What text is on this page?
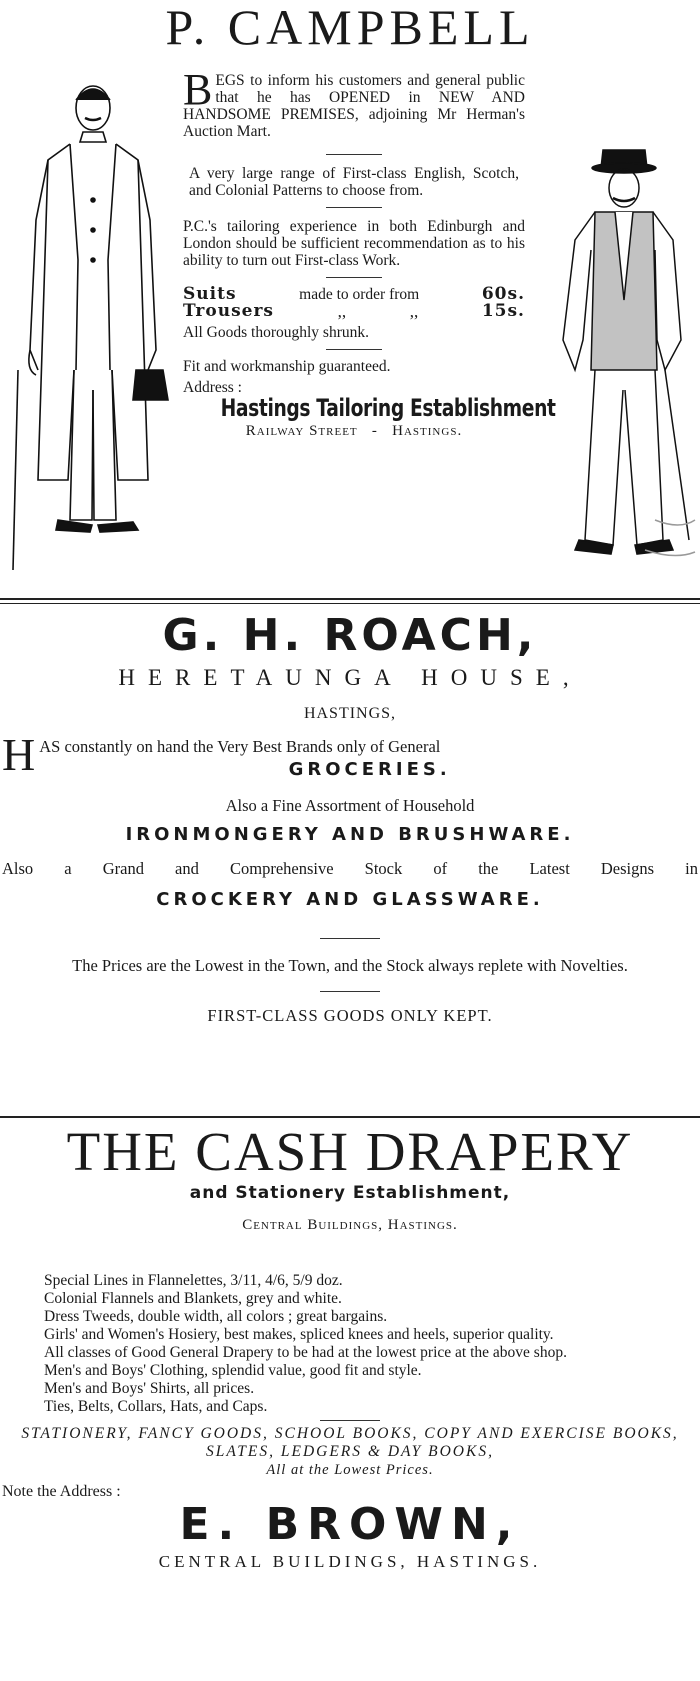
P. CAMPBELL

BEGS to inform his customers and general public that he has OPENED in NEW AND HANDSOME PREMISES, adjoining Mr Herman's Auction Mart.

A very large range of First-class English, Scotch, and Colonial Patterns to choose from.

P.C.'s tailoring experience in both Edinburgh and London should be sufficient recommendation as to his ability to turn out First-class Work.

Suits	made to order from	60s.
Trousers	,,	,,	15s.

All Goods thoroughly shrunk.

Fit and workmanship guaranteed.

Address :

Hastings Tailoring Establishment
Railway Street - Hastings.
G. H. ROACH,
HERETAUNGA HOUSE,
HASTINGS,

HAS constantly on hand the Very Best Brands only of General

GROCERIES.

Also a Fine Assortment of Household

IRONMONGERY AND BRUSHWARE.

Also a Grand and Comprehensive Stock of the Latest Designs in

CROCKERY AND GLASSWARE.

The Prices are the Lowest in the Town, and the Stock always replete with Novelties.

FIRST-CLASS GOODS ONLY KEPT.

THE CASH DRAPERY
and Stationery Establishment,
Central Buildings, Hastings.
Special Lines in Flannelettes, 3/11, 4/6, 5/9 doz.
Colonial Flannels and Blankets, grey and white.
Dress Tweeds, double width, all colors ; great bargains.
Girls' and Women's Hosiery, best makes, spliced knees and heels, superior quality.
All classes of Good General Drapery to be had at the lowest price at the above shop.
Men's and Boys' Clothing, splendid value, good fit and style.
Men's and Boys' Shirts, all prices.
Ties, Belts, Collars, Hats, and Caps.

STATIONERY, FANCY GOODS, SCHOOL BOOKS, COPY AND EXERCISE BOOKS, SLATES, LEDGERS & DAY BOOKS,

All at the Lowest Prices.

Note the Address :

E. BROWN,
CENTRAL BUILDINGS, HASTINGS.
